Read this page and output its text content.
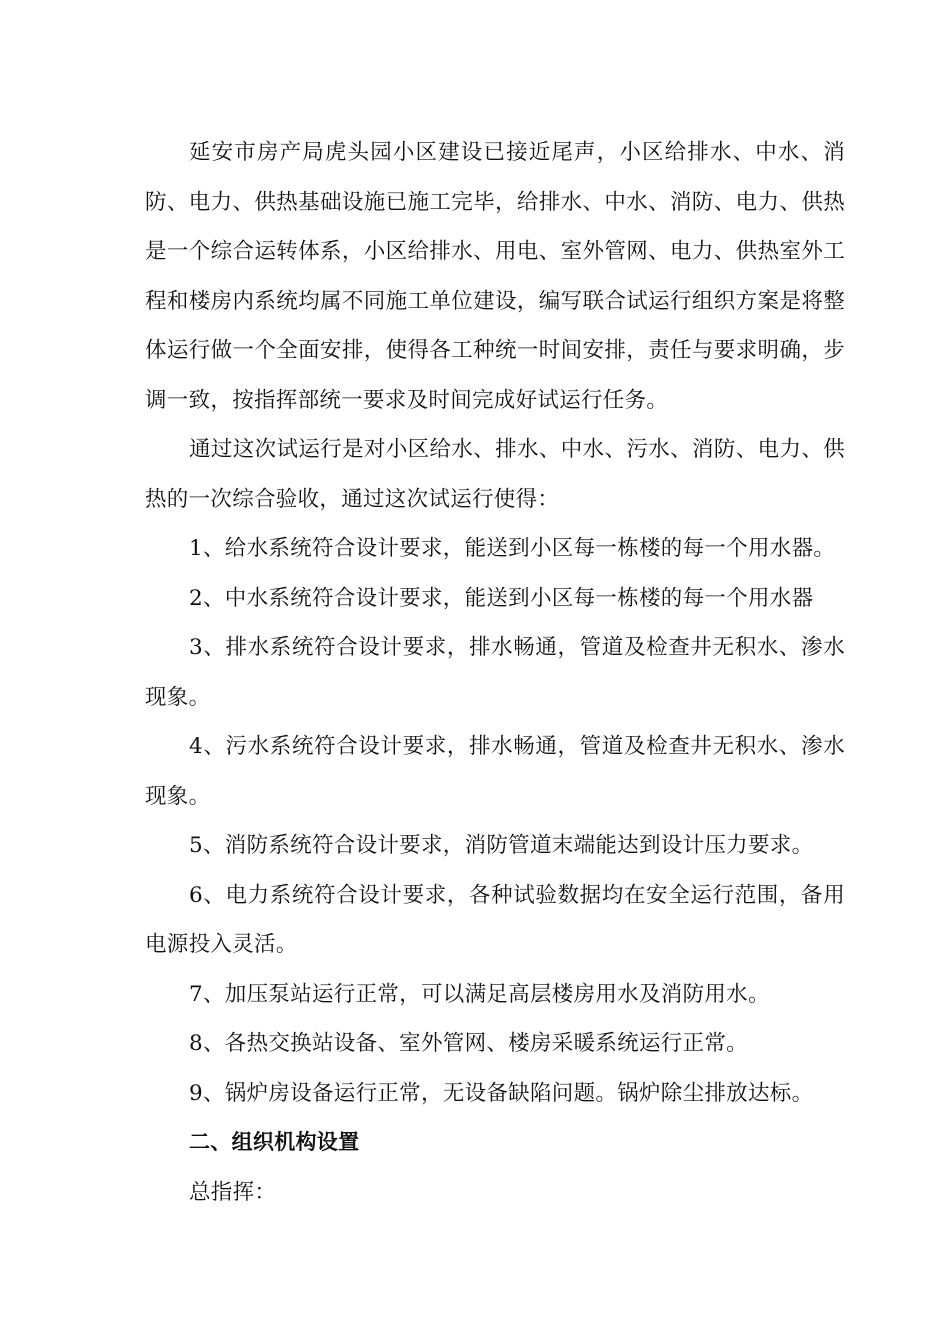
延安市房产局虎头园小区建设已接近尾声，小区给排水、中水、消防、电力、供热基础设施已施工完毕，给排水、中水、消防、电力、供热是一个综合运转体系，小区给排水、用电、室外管网、电力、供热室外工程和楼房内系统均属不同施工单位建设，编写联合试运行组织方案是将整体运行做一个全面安排，使得各工种统一时间安排，责任与要求明确，步调一致，按指挥部统一要求及时间完成好试运行任务。

通过这次试运行是对小区给水、排水、中水、污水、消防、电力、供热的一次综合验收，通过这次试运行使得：

1、给水系统符合设计要求，能送到小区每一栋楼的每一个用水器。

2、中水系统符合设计要求，能送到小区每一栋楼的每一个用水器

3、排水系统符合设计要求，排水畅通，管道及检查井无积水、渗水现象。

4、污水系统符合设计要求，排水畅通，管道及检查井无积水、渗水现象。

5、消防系统符合设计要求，消防管道末端能达到设计压力要求。

6、电力系统符合设计要求，各种试验数据均在安全运行范围，备用电源投入灵活。

7、加压泵站运行正常，可以满足高层楼房用水及消防用水。

8、各热交换站设备、室外管网、楼房采暖系统运行正常。

9、锅炉房设备运行正常，无设备缺陷问题。锅炉除尘排放达标。

二、组织机构设置

总指挥：
